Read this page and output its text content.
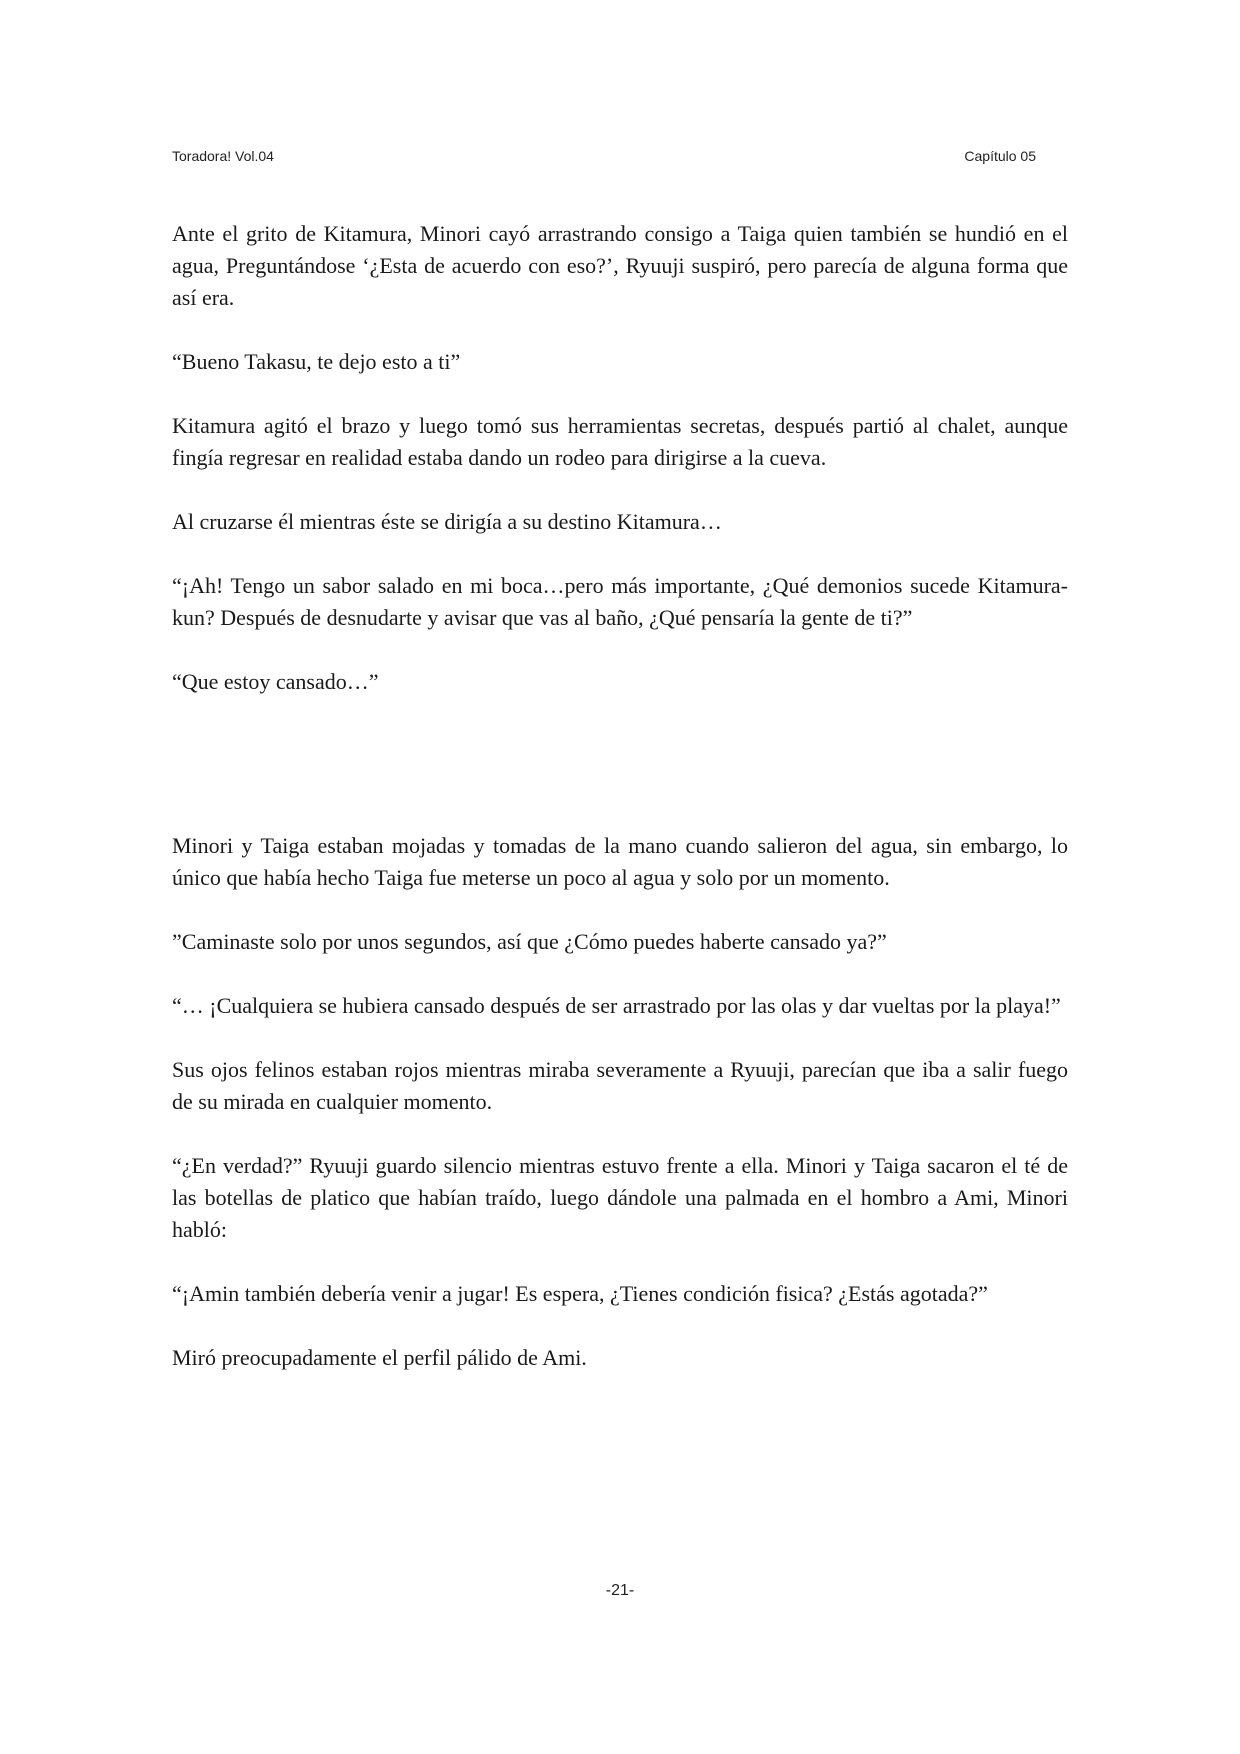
Toradora! Vol.04	Capítulo 05

Ante el grito de Kitamura, Minori cayó arrastrando consigo a Taiga quien también se hundió en el agua, Preguntándose ‘¿Esta de acuerdo con eso?’, Ryuuji suspiró, pero parecía de alguna forma que así era.

“Bueno Takasu, te dejo esto a ti”

Kitamura agitó el brazo y luego tomó sus herramientas secretas, después partió al chalet, aunque fingía regresar en realidad estaba dando un rodeo para dirigirse a la cueva.

Al cruzarse él mientras éste se dirigía a su destino Kitamura…

“¡Ah! Tengo un sabor salado en mi boca…pero más importante, ¿Qué demonios sucede Kitamura-kun? Después de desnudarte y avisar que vas al baño, ¿Qué pensaría la gente de ti?”

“Que estoy cansado…”

Minori y Taiga estaban mojadas y tomadas de la mano cuando salieron del agua, sin embargo, lo único que había hecho Taiga fue meterse un poco al agua y solo por un momento.

”Caminaste solo por unos segundos, así que ¿Cómo puedes haberte cansado ya?”

“… ¡Cualquiera se hubiera cansado después de ser arrastrado por las olas y dar vueltas por la playa!”

Sus ojos felinos estaban rojos mientras miraba severamente a Ryuuji, parecían que iba a salir fuego de su mirada en cualquier momento.

“¿En verdad?” Ryuuji guardo silencio mientras estuvo frente a ella. Minori y Taiga sacaron el té de las botellas de platico que habían traído, luego dándole una palmada en el hombro a Ami, Minori habló:

“¡Amin también debería venir a jugar! Es espera, ¿Tienes condición fisica? ¿Estás agotada?”

Miró preocupadamente el perfil pálido de Ami.

-21-
